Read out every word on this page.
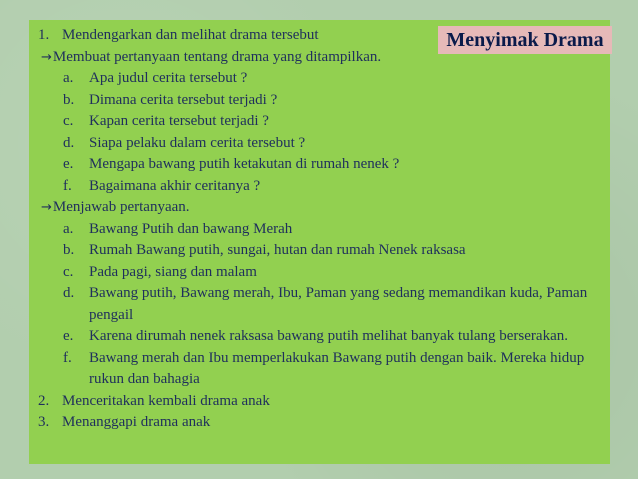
Menyimak Drama
1. Mendengarkan dan melihat drama tersebut
→Membuat pertanyaan tentang drama yang ditampilkan.
a.	Apa judul cerita tersebut ?
b. Dimana cerita tersebut terjadi ?
c.	Kapan cerita tersebut terjadi ?
d. Siapa pelaku dalam cerita tersebut ?
e.	Mengapa bawang putih ketakutan di rumah nenek ?
f.	Bagaimana akhir ceritanya ?
→Menjawab pertanyaan.
a.	Bawang Putih dan bawang Merah
b. Rumah Bawang putih, sungai, hutan dan rumah Nenek raksasa
c.	Pada pagi, siang dan malam
d. Bawang putih, Bawang merah, Ibu, Paman yang sedang memandikan kuda, Paman pengail
e.	Karena dirumah nenek raksasa bawang putih melihat banyak tulang berserakan.
f.	Bawang merah dan Ibu memperlakukan Bawang putih dengan baik. Mereka hidup rukun dan bahagia
2. Menceritakan kembali drama anak
3. Menanggapi drama anak
